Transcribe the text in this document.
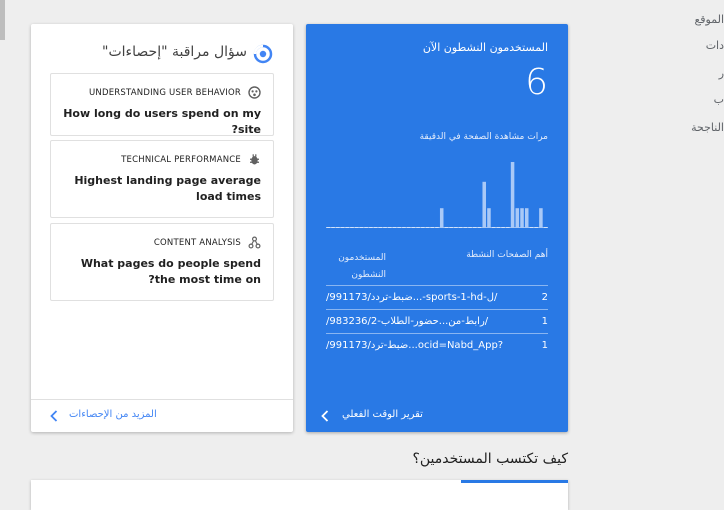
الموقع
دات
ر
ب
الناجحة
سؤال مراقبة "إحصاءات"
UNDERSTANDING USER BEHAVIOR
How long do users spend on my site?
TECHNICAL PERFORMANCE
Highest landing page average load times
CONTENT ANALYSIS
What pages do people spend the most time on?
المزيد من الإحصاءات
المستخدمون النشطون الآن
6
مرات مشاهدة الصفحة في الدقيقة
أهم الصفحات النشطة
المستخدمون النشطون
2
/991173/ضبط-تردد...-sports-1-hd-ل/
1
/983236/رابط-من...حضور-الطلاب-2/
1
/991173/ضبط-ترد...ocid=Nabd_App?
تقرير الوقت الفعلي
كيف تكتسب المستخدمين؟
